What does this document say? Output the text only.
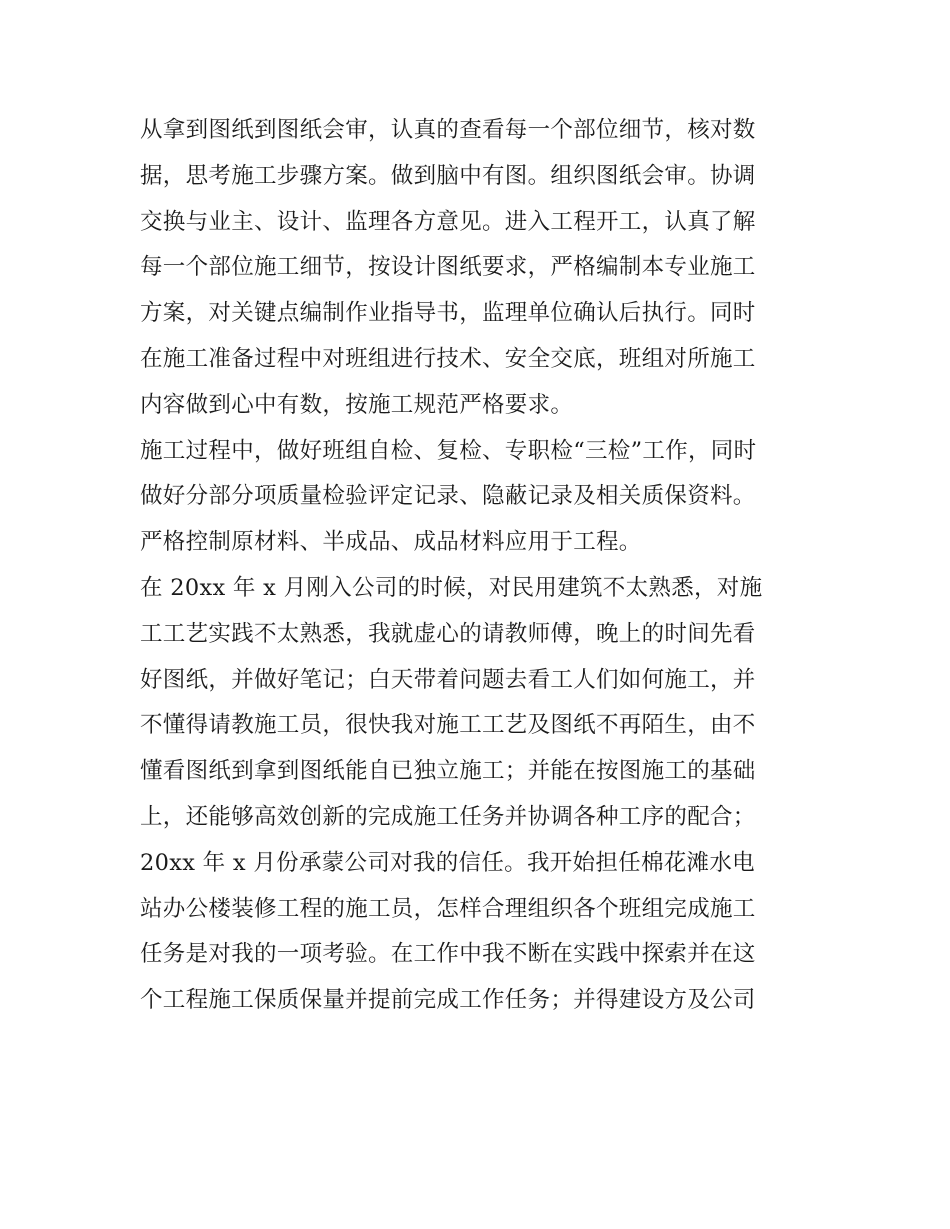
从拿到图纸到图纸会审，认真的查看每一个部位细节，核对数
据，思考施工步骤方案。做到脑中有图。组织图纸会审。协调
交换与业主、设计、监理各方意见。进入工程开工，认真了解
每一个部位施工细节，按设计图纸要求，严格编制本专业施工
方案，对关键点编制作业指导书，监理单位确认后执行。同时
在施工准备过程中对班组进行技术、安全交底，班组对所施工
内容做到心中有数，按施工规范严格要求。
施工过程中，做好班组自检、复检、专职检“三检”工作，同时
做好分部分项质量检验评定记录、隐蔽记录及相关质保资料。
严格控制原材料、半成品、成品材料应用于工程。
在 20xx 年 x 月刚入公司的时候，对民用建筑不太熟悉，对施
工工艺实践不太熟悉，我就虚心的请教师傅，晚上的时间先看
好图纸，并做好笔记；白天带着问题去看工人们如何施工，并
不懂得请教施工员，很快我对施工工艺及图纸不再陌生，由不
懂看图纸到拿到图纸能自已独立施工；并能在按图施工的基础
上，还能够高效创新的完成施工任务并协调各种工序的配合；
20xx 年 x 月份承蒙公司对我的信任。我开始担任棉花滩水电
站办公楼装修工程的施工员，怎样合理组织各个班组完成施工
任务是对我的一项考验。在工作中我不断在实践中探索并在这
个工程施工保质保量并提前完成工作任务；并得建设方及公司
